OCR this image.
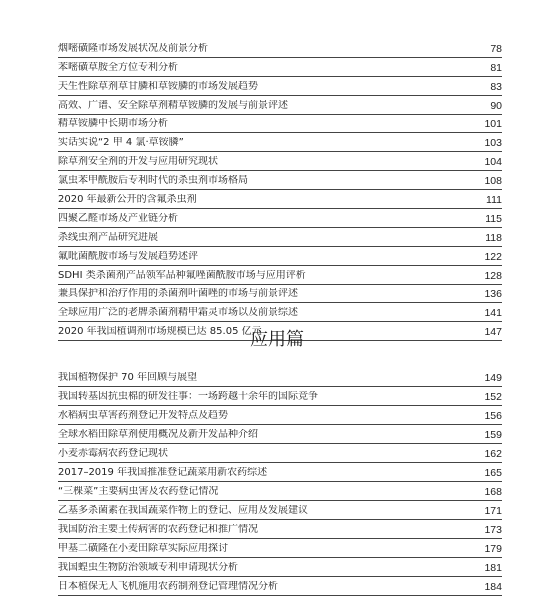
烟嘧磺隆市场发展状况及前景分析	78
苯嘧磺草胺全方位专利分析	81
天生性除草剂草甘膦和草铵膦的市场发展趋势	83
高效、广谱、安全除草剂精草铵膦的发展与前景评述	90
精草铵膦中长期市场分析	101
实话实说“2 甲 4 氯·草铵膦”	103
除草剂安全剂的开发与应用研究现状	104
氯虫苯甲酰胺后专利时代的杀虫剂市场格局	108
2020 年最新公开的含氟杀虫剂	111
四聚乙醛市场及产业链分析	115
杀线虫剂产品研究进展	118
氟吡菌酰胺市场与发展趋势述评	122
SDHI 类杀菌剂产品领军品种氟唑菌酰胺市场与应用评析	128
兼具保护和治疗作用的杀菌剂叶菌唑的市场与前景评述	136
全球应用广泛的老牌杀菌剂精甲霜灵市场以及前景综述	141
2020 年我国植调剂市场规模已达 85.05 亿元	147
应用篇
我国植物保护 70 年回顾与展望	149
我国转基因抗虫棉的研发往事：一场跨越十余年的国际竞争	152
水稻病虫草害药剂登记开发特点及趋势	156
全球水稻田除草剂使用概况及新开发品种介绍	159
小麦赤霉病农药登记现状	162
2017–2019 年我国推准登记蔬菜用新农药综述	165
“三棵菜”主要病虫害及农药登记情况	168
乙基多杀菌素在我国蔬菜作物上的登记、应用及发展建议	171
我国防治主要土传病害的农药登记和推广情况	173
甲基二磺隆在小麦田除草实际应用探讨	179
我国蝗虫生物防治领域专利申请现状分析	181
日本植保无人飞机施用农药制剂登记管理情况分析	184
